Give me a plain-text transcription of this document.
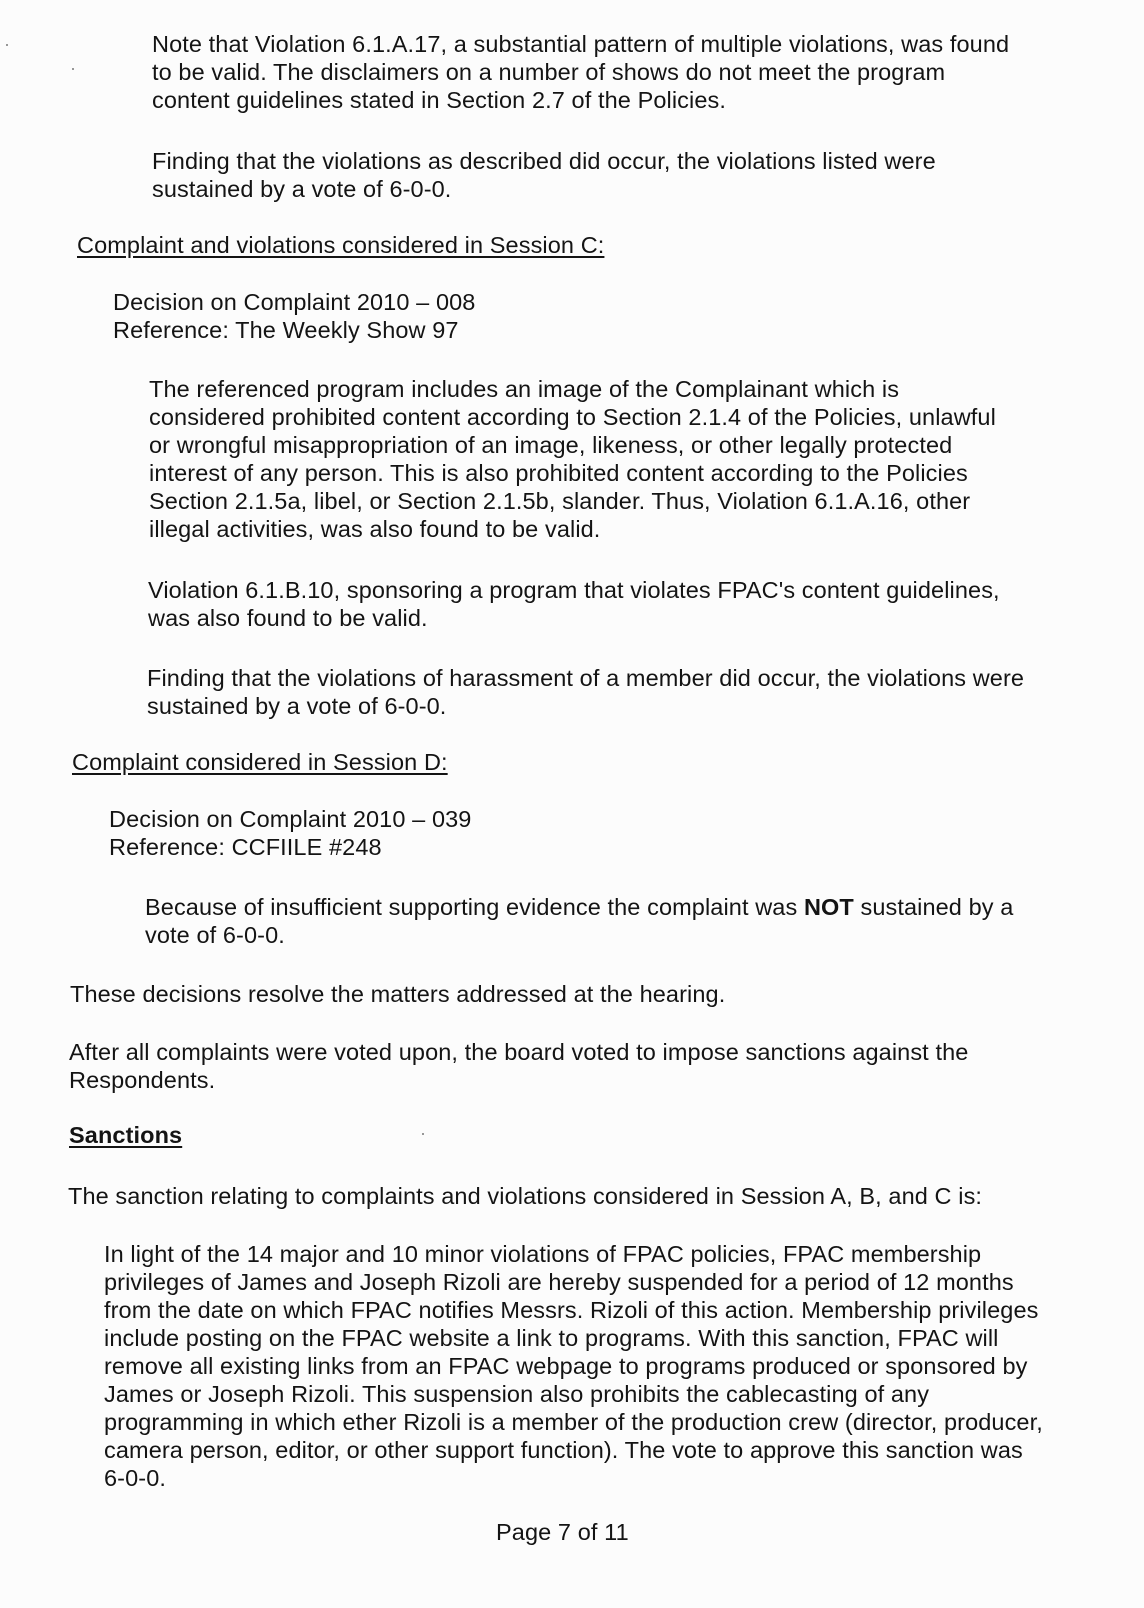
Note that Violation 6.1.A.17, a substantial pattern of multiple violations, was found
to be valid. The disclaimers on a number of shows do not meet the program
content guidelines stated in Section 2.7 of the Policies.

Finding that the violations as described did occur, the violations listed were
sustained by a vote of 6-0-0.

Complaint and violations considered in Session C:

Decision on Complaint 2010 – 008
Reference: The Weekly Show 97

The referenced program includes an image of the Complainant which is
considered prohibited content according to Section 2.1.4 of the Policies, unlawful
or wrongful misappropriation of an image, likeness, or other legally protected
interest of any person. This is also prohibited content according to the Policies
Section 2.1.5a, libel, or Section 2.1.5b, slander. Thus, Violation 6.1.A.16, other
illegal activities, was also found to be valid.

Violation 6.1.B.10, sponsoring a program that violates FPAC's content guidelines,
was also found to be valid.

Finding that the violations of harassment of a member did occur, the violations were
sustained by a vote of 6-0-0.

Complaint considered in Session D:

Decision on Complaint 2010 – 039
Reference: CCFIILE #248

Because of insufficient supporting evidence the complaint was NOT sustained by a
vote of 6-0-0.

These decisions resolve the matters addressed at the hearing.

After all complaints were voted upon, the board voted to impose sanctions against the
Respondents.

Sanctions

The sanction relating to complaints and violations considered in Session A, B, and C is:

In light of the 14 major and 10 minor violations of FPAC policies, FPAC membership
privileges of James and Joseph Rizoli are hereby suspended for a period of 12 months
from the date on which FPAC notifies Messrs. Rizoli of this action. Membership privileges
include posting on the FPAC website a link to programs. With this sanction, FPAC will
remove all existing links from an FPAC webpage to programs produced or sponsored by
James or Joseph Rizoli. This suspension also prohibits the cablecasting of any
programming in which ether Rizoli is a member of the production crew (director, producer,
camera person, editor, or other support function). The vote to approve this sanction was
6-0-0.

Page 7 of 11
